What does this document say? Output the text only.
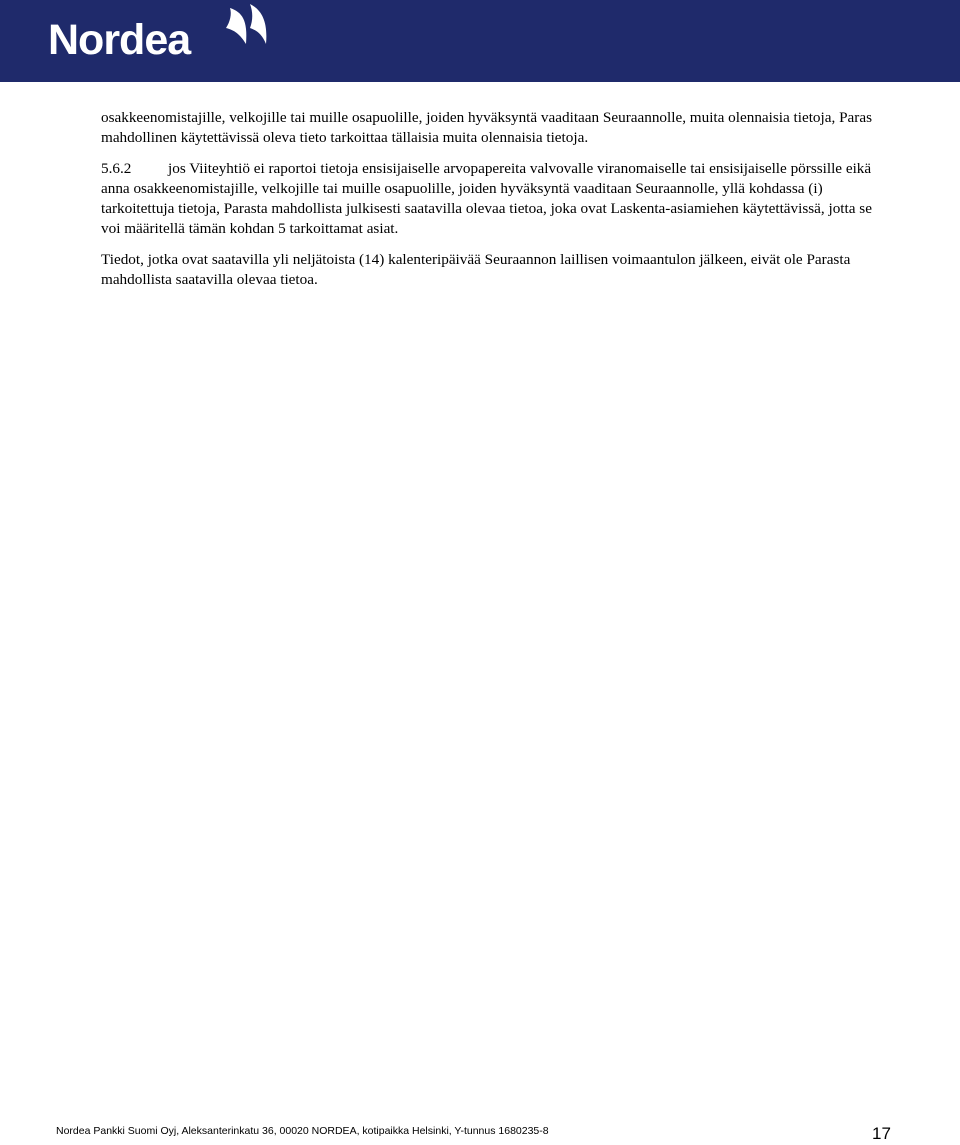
Nordea

osakkeenomistajille, velkojille tai muille osapuolille, joiden hyväksyntä vaaditaan Seuraannolle, muita olennaisia tietoja, Paras mahdollinen käytettävissä oleva tieto tarkoittaa tällaisia muita olennaisia tietoja.

5.6.2 jos Viiteyhtiö ei raportoi tietoja ensisijaiselle arvopapereita valvovalle viranomaiselle tai ensisijaiselle pörssille eikä anna osakkeenomistajille, velkojille tai muille osapuolille, joiden hyväksyntä vaaditaan Seuraannolle, yllä kohdassa (i) tarkoitettuja tietoja, Parasta mahdollista julkisesti saatavilla olevaa tietoa, joka ovat Laskenta-asiamiehen käytettävissä, jotta se voi määritellä tämän kohdan 5 tarkoittamat asiat.

Tiedot, jotka ovat saatavilla yli neljätoista (14) kalenteripäivää Seuraannon laillisen voimaantulon jälkeen, eivät ole Parasta mahdollista saatavilla olevaa tietoa.

Nordea Pankki Suomi Oyj, Aleksanterinkatu 36, 00020 NORDEA, kotipaikka Helsinki, Y-tunnus 1680235-8	17
